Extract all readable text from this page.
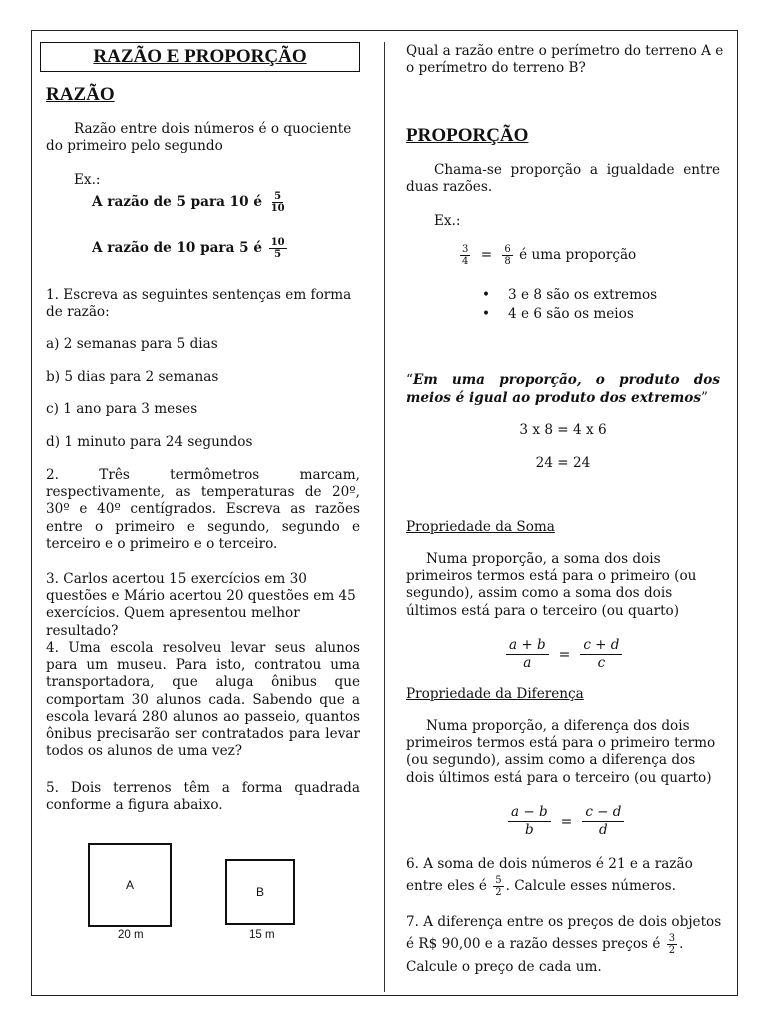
RAZÃO E PROPORÇÃO
RAZÃO

Razão entre dois números é o quociente do primeiro pelo segundo

Ex.:

A razão de 5 para 10 é $\frac{5}{10}$
A razão de 10 para 5 é $\frac{10}{5}$

1. Escreva as seguintes sentenças em forma de razão:

a) 2 semanas para 5 dias

b) 5 dias para 2 semanas

c) 1 ano para 3 meses

d) 1 minuto para 24 segundos

2. Três termômetros marcam, respectivamente, as temperaturas de 20º, 30º e 40º centígrados. Escreva as razões entre o primeiro e segundo, segundo e terceiro e o primeiro e o terceiro.

3. Carlos acertou 15 exercícios em 30 questões e Mário acertou 20 questões em 45 exercícios. Quem apresentou melhor resultado?

4. Uma escola resolveu levar seus alunos para um museu. Para isto, contratou uma transportadora, que aluga ônibus que comportam 30 alunos cada. Sabendo que a escola levará 280 alunos ao passeio, quantos ônibus precisarão ser contratados para levar todos os alunos de uma vez?

5. Dois terrenos têm a forma quadrada conforme a figura abaixo.

A
20 m
B
15 m

Qual a razão entre o perímetro do terreno A e o perímetro do terreno B?

PROPORÇÃO

Chama-se proporção a igualdade entre duas razões.

Ex.:

$\frac{3}{4} = \frac{6}{8}$ é uma proporção
• 3 e 8 são os extremos
• 4 e 6 são os meios

“Em uma proporção, o produto dos meios é igual ao produto dos extremos”

3 x 8 = 4 x 6

24 = 24

Propriedade da Soma

Numa proporção, a soma dos dois primeiros termos está para o primeiro (ou segundo), assim como a soma dos dois últimos está para o terceiro (ou quarto)

$\frac{a + b}{a} = \frac{c + d}{c}$

Propriedade da Diferença

Numa proporção, a diferença dos dois primeiros termos está para o primeiro termo (ou segundo), assim como a diferença dos dois últimos está para o terceiro (ou quarto)

$\frac{a - b}{b} = \frac{c - d}{d}$

6. A soma de dois números é 21 e a razão entre eles é $\frac{5}{2}$ . Calcule esses números.

7. A diferença entre os preços de dois objetos é R$ 90,00 e a razão desses preços é $\frac{3}{2}$ . Calcule o preço de cada um.
